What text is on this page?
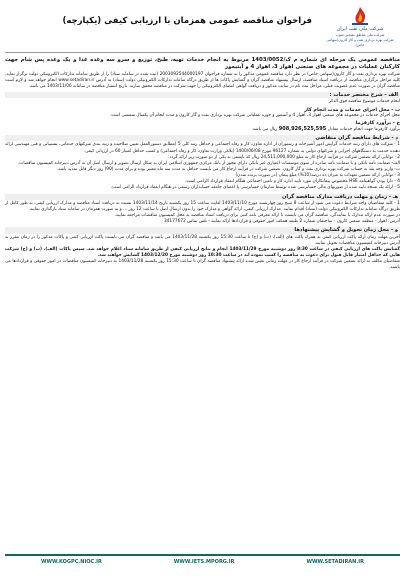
فراخوان مناقصه عمومی همزمان با ارزیابی کیفی (یکپارچه)
شرکت ملی نفت ایران
شرکت ملی مناطق نفتخیز جنوب
شرکت بهره برداری نفت و گاز کارون(سهامی خاص)

مناقصه عمومی یک مرحله ای شماره م ک/1403/0052 مربوط به انجام خدمات تهیه، طبخ، توزیع و سرو سه وعده غذا و یک وعده پس شام جهت کارکنان عملیات در مجموعه های صنعتی اهواز 3، اهواز 4 و آبتیمور

شرکت بهره برداری نفت و گاز کارون(سهامی خاص) در نظر دارد مناقصه عمومی مذکور را به شماره فراخوان 2003092544000197 (ثبت شده در سامانه ستاد) را از طریق سامانه تدارکات الکترونیکی دولت برگزار نماید. کلیه مراحل برگزاری مناقصه از دریافت اسناد مناقصه، ارسال پیشنهاد مناقصه گران و گشایش پاکات ها از طریق درگاه سامانه تدارکات الکترونیکی دولت (ستاد) به آدرس www.setadiran.ir انجام خواهد شد و لازم است مناقصه گران در صورت عدم عضویت قبلی، مراحل ثبت نام در سایت مذکور و دریافت گواهی امضای الکترونیکی را جهت شرکت در مناقصه محقق سازند. تاریخ انتشار مناقصه در سامانه 1403/11/06 می باشد.

الف - شرح مختصر خدمات :

انجام خدمات موضوع مناقصه فوق الذکر

ب - محل اجرای خدمات و مدت انجام کار

محل اجرای خدمات در مجموعه های صنعتی اهواز 3، اهواز 4 و آبتیمور و حوزه عملیاتی شرکت بهره برداری نفت و گاز کارون و مدت انجام آن یکسال شمسی است.

ج - برآورد کارفرما

برآورد کارفرما جهت انجام خدمات معادل 908,926,525,595 ریال می باشد.

د - شرایط مناقصه گران متقاضی

1 - شرکت های دارای رتبه خدمات گرایش امور آشپزخانه و رستوران از اداره تعاون، کار و رفاه اجتماعی و حداقل رتبه کلی 5 (مطابق دستورالعمل تعیین صلاحیت و رتبه بندی شرکتهای خدماتی، پشتیبانی و فنی مهندسی ارائه دهنده خدمت به دستگاههای اجرایی و شرکتهای دولتی به شماره 96127 مورخ 1400/06/08 (بلاغی وزارت تعاون، کار و رفاه اجتماعی) و کسب حداقل امتیاز 60 در ارزیابی کیفی.

2 - توانایی ارائه تضمین شرکت در فرآیند ارجاع کار به مبلغ 24,511,000,000 ریال که بایستی به یکی از دو صورت زیر ارائه گردد:

الف- ضمانت نامه بانکی و یا ضمانت نامه صادره از سوی موسسات اعتباری غیر بانکی دارای مجوز از بانک مرکزی جمهوری اسلامی ایران به شکل ارسال تصویر و ارسال اصل آن به آدرس دبیرخانه کمیسیون مناقصات.

ب- واریز وجه نقد به حساب شرکت بهره برداری نفت و گاز کارون. تضمین شرکت در فرآیند ارجاع کار می بایست حداقل به مدت سه ماه معتبر بوده و برای مدت (90) روز دیگر قابل تمدید باشد.

3 - توانایی ارائه تضمین تعهدات به میزان ده درصد(10%) مبلغ پیمان (در صورت برنده شدن)

4 - دارا بودن گواهینامه HSE مخصوص پیمانکاران مورد تایید اداره کار و تامین اجتماعی هنگام انعقاد قرارداد الزامی است.

5 - ارائه یک نسخه تایید شده از صورتهای مالی حسابرسی شده توسط سازمان حسابرسی یا اعضای جامعه حسابداران رسمی در هنگام انعقاد قرارداد الزامی است.

هـ - زمان و مهلت دریافت مدارک مناقصه گران

1 - کلیه متقاضیان واجد شرایط دعوت می شود از ساعت 8 صبح روز چهارشنبه مورخ 1403/11/10 لغایت ساعت 15 روز یکشنبه تاریخ 1403/11/14 نسبت به دریافت اسناد مناقصه و مدارک ارزیابی کیفی، به طور کامل از طریق درگاه سامانه تدارکات الکترونیکی دولت (ستاد) اقدام نمایند. مدارک ارزیابی کیفی، ارائه گواهی و مدارک خود را بدون ارسال اصل تا ساعت 12 روز ... و به صورت همزمان در سامانه ستاد بارگذاری نمایند.

در صورت عدم ارائه مدارک با نمایندگی، مناقصه گران می بایست با ارائه معرفی نامه کتبی برای دریافت اسناد مناقصه به محل کمیسیون مناقصات مراجعه نمایند.

آدرس: اهواز - منطقه صنعتی کارون - ساختمان شماره 2 طبقه همکف امور حقوقی و قراردادها ارائه نمایند - تلفن تماس 34177672

و - محل زمان تحویل و گشایش پیشنهادها

آخرین مهلت زمان ارائه پاکت ارزیابی کیفی به همراه پاکت های (الف)، (ب) و (ج) تا ساعت 15:30 روز یکشنبه 1403/11/28 می باشد و مناقصه گران می بایست پاکت ارزیابی کیفی و پاکات مذکور را در زمان مقرر به آدرس دبیرخانه کمیسیون مناقصات تحویل نمایند.

گشایش پاکت های ارزیابی کیفی در ساعت 8:30 روز دوشنبه مورخ 1403/11/29 انجام و نتایج ارزیابی کیفی از طریق سامانه ستاد اعلام خواهد شد. سپس پاکات (الف)، (ب) و (ج) شرکت هایی که حداقل امتیاز قابل قبول برای دعوت به مناقصه را کسب نموده اند در ساعت 10:30 روز دوشنبه مورخ 1403/12/20 گشایش خواهند شد.

متقاضیان مکلف به ارائه تضمین شرکت در فرآیند ارجاع کار در مهلت زمانی تعیین شده ارائه پیشنهاد مناقصه گران تا ساعت 15:30 روز یکشنبه 1403/11/28 به دبیرخانه کمیسیون مناقصات در امور حقوقی و قراردادها می باشند.

WWW.KOGPC.NIOC.IR	WWW.IETS.MPORG.IR	WWW.SETADIRAN.IR
